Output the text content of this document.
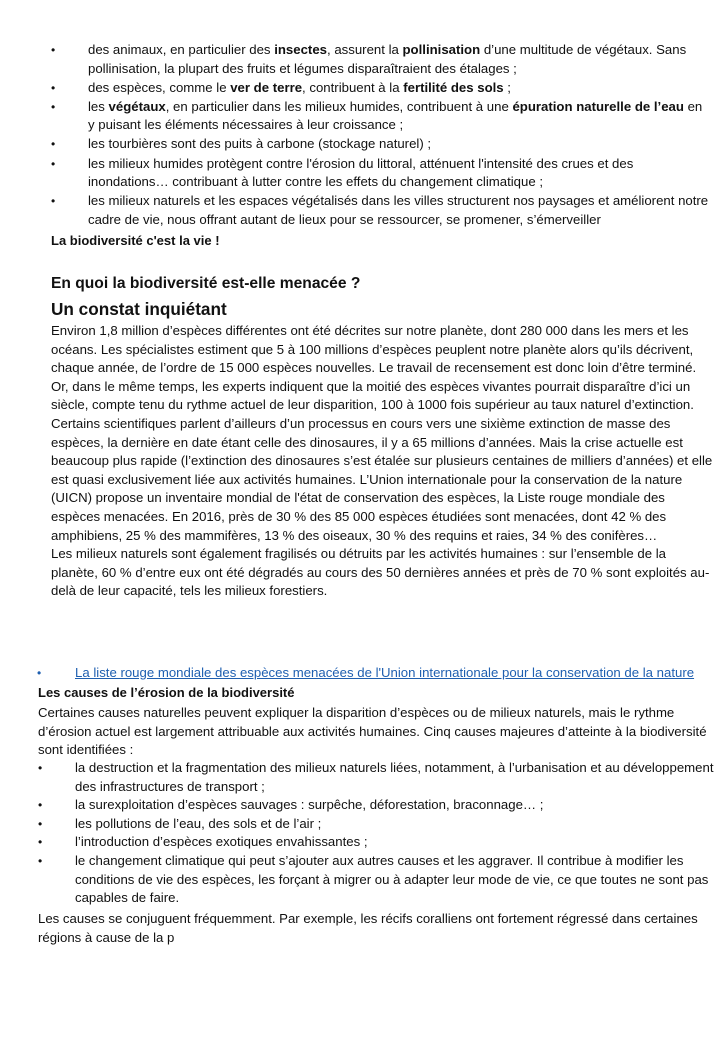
• des animaux, en particulier des insectes, assurent la pollinisation d’une multitude de végétaux. Sans pollinisation, la plupart des fruits et légumes disparaîtraient des étalages ;
• des espèces, comme le ver de terre, contribuent à la fertilité des sols ;
• les végétaux, en particulier dans les milieux humides, contribuent à une épuration naturelle de l’eau en y puisant les éléments nécessaires à leur croissance ;
• les tourbières sont des puits à carbone (stockage naturel) ;
• les milieux humides protègent contre l'érosion du littoral, atténuent l'intensité des crues et des inondations… contribuant à lutter contre les effets du changement climatique ;
• les milieux naturels et les espaces végétalisés dans les villes structurent nos paysages et améliorent notre cadre de vie, nous offrant autant de lieux pour se ressourcer, se promener, s’émerveiller
La biodiversité c'est la vie !
En quoi la biodiversité est-elle menacée ?
Un constat inquiétant

Environ 1,8 million d’espèces différentes ont été décrites sur notre planète, dont 280 000 dans les mers et les océans. Les spécialistes estiment que 5 à 100 millions d’espèces peuplent notre planète alors qu’ils décrivent, chaque année, de l’ordre de 15 000 espèces nouvelles. Le travail de recensement est donc loin d’être terminé.

Or, dans le même temps, les experts indiquent que la moitié des espèces vivantes pourrait disparaître d’ici un siècle, compte tenu du rythme actuel de leur disparition, 100 à 1000 fois supérieur au taux naturel d’extinction. Certains scientifiques parlent d’ailleurs d’un processus en cours vers une sixième extinction de masse des espèces, la dernière en date étant celle des dinosaures, il y a 65 millions d’années. Mais la crise actuelle est beaucoup plus rapide (l’extinction des dinosaures s’est étalée sur plusieurs centaines de milliers d’années) et elle est quasi exclusivement liée aux activités humaines. L’Union internationale pour la conservation de la nature (UICN) propose un inventaire mondial de l'état de conservation des espèces, la Liste rouge mondiale des espèces menacées. En 2016, près de 30 % des 85 000 espèces étudiées sont menacées, dont 42 % des amphibiens, 25 % des mammifères, 13 % des oiseaux, 30 % des requins et raies, 34 % des conifères…

Les milieux naturels sont également fragilisés ou détruits par les activités humaines : sur l’ensemble de la planète, 60 % d’entre eux ont été dégradés au cours des 50 dernières années et près de 70 % sont exploités au-delà de leur capacité, tels les milieux forestiers.

•	La liste rouge mondiale des espèces menacées de l'Union internationale pour la conservation de la nature
Les causes de l’érosion de la biodiversité
Certaines causes naturelles peuvent expliquer la disparition d’espèces ou de milieux naturels, mais le rythme d’érosion actuel est largement attribuable aux activités humaines. Cinq causes majeures d’atteinte à la biodiversité sont identifiées :
• la destruction et la fragmentation des milieux naturels liées, notamment, à l’urbanisation et au développement des infrastructures de transport ;
• la surexploitation d’espèces sauvages : surpêche, déforestation, braconnage… ;
• les pollutions de l’eau, des sols et de l’air ;
• l’introduction d’espèces exotiques envahissantes ;
• le changement climatique qui peut s’ajouter aux autres causes et les aggraver. Il contribue à modifier les conditions de vie des espèces, les forçant à migrer ou à adapter leur mode de vie, ce que toutes ne sont pas capables de faire.
Les causes se conjuguent fréquemment. Par exemple, les récifs coralliens ont fortement régressé dans certaines régions à cause de la p
